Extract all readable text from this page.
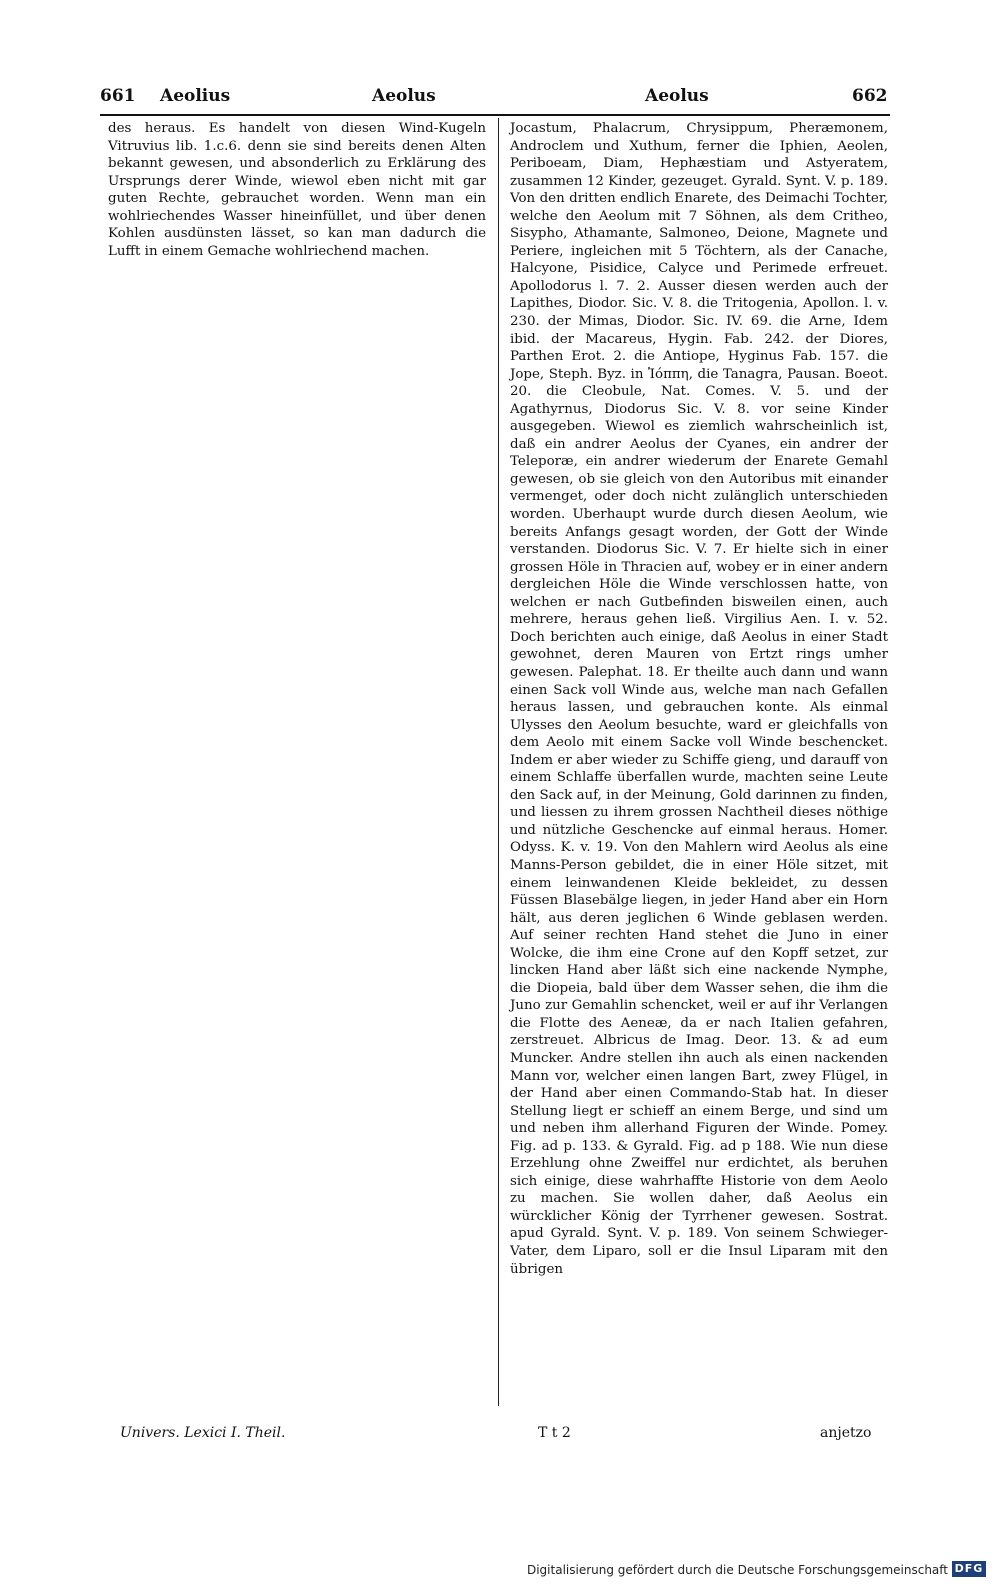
661 Aeolius	Aeolus	Aeolus	662

des heraus. Es handelt von diesen Wind-Kugeln Vitruvius lib. 1.c.6. denn sie sind bereits denen Alten bekannt gewesen, und absonderlich zu Erklärung des Ursprungs derer Winde, wiewol eben nicht mit gar guten Rechte, gebrauchet worden. Wenn man ein wohlriechendes Wasser hineinfüllet, und über denen Kohlen ausdünsten lässet, so kan man dadurch die Lufft in einem Gemache wohlriechend machen.

Jocastum, Phalacrum, Chrysippum, Pheræmonem, Androclem und Xuthum, ferner die Iphien, Aeolen, Periboeam, Diam, Hephæstiam und Astyeratem, zusammen 12 Kinder, gezeuget. Gyrald. Synt. V. p. 189. Von den dritten endlich Enarete, des Deimachi Tochter, welche den Aeolum mit 7 Söhnen, als dem Critheo, Sisypho, Athamante, Salmoneo, Deione, Magnete und Periere, ingleichen mit 5 Töchtern, als der Canache, Halcyone, Pisidice, Calyce und Perimede erfreuet. Apollodorus l. 7. 2. Ausser diesen werden auch der Lapithes, Diodor. Sic. V. 8. die Tritogenia, Apollon. l. v. 230. der Mimas, Diodor. Sic. IV. 69. die Arne, Idem ibid. der Macareus, Hygin. Fab. 242. der Diores, Parthen Erot. 2. die Antiope, Hyginus Fab. 157. die Jope, Steph. Byz. in Ἰόππη, die Tanagra, Pausan. Boeot. 20. die Cleobule, Nat. Comes. V. 5. und der Agathyrnus, Diodorus Sic. V. 8. vor seine Kinder ausgegeben. Wiewol es ziemlich wahrscheinlich ist, daß ein andrer Aeolus der Cyanes, ein andrer der Teleporæ, ein andrer wiederum der Enarete Gemahl gewesen, ob sie gleich von den Autoribus mit einander vermenget, oder doch nicht zulänglich unterschieden worden. Uberhaupt wurde durch diesen Aeolum, wie bereits Anfangs gesagt worden, der Gott der Winde verstanden. Diodorus Sic. V. 7. Er hielte sich in einer grossen Höle in Thracien auf, wobey er in einer andern dergleichen Höle die Winde verschlossen hatte, von welchen er nach Gutbefinden bisweilen einen, auch mehrere, heraus gehen ließ. Virgilius Aen. I. v. 52. Doch berichten auch einige, daß Aeolus in einer Stadt gewohnet, deren Mauren von Ertzt rings umher gewesen. Palephat. 18. Er theilte auch dann und wann einen Sack voll Winde aus, welche man nach Gefallen heraus lassen, und gebrauchen konte. Als einmal Ulysses den Aeolum besuchte, ward er gleichfalls von dem Aeolo mit einem Sacke voll Winde beschencket. Indem er aber wieder zu Schiffe gieng, und darauff von einem Schlaffe überfallen wurde, machten seine Leute den Sack auf, in der Meinung, Gold darinnen zu finden, und liessen zu ihrem grossen Nachtheil dieses nöthige und nützliche Geschencke auf einmal heraus. Homer. Odyss. K. v. 19. Von den Mahlern wird Aeolus als eine Manns-Person gebildet, die in einer Höle sitzet, mit einem leinwandenen Kleide bekleidet, zu dessen Füssen Blasebälge liegen, in jeder Hand aber ein Horn hält, aus deren jeglichen 6 Winde geblasen werden. Auf seiner rechten Hand stehet die Juno in einer Wolcke, die ihm eine Crone auf den Kopff setzet, zur lincken Hand aber läßt sich eine nackende Nymphe, die Diopeia, bald über dem Wasser sehen, die ihm die Juno zur Gemahlin schencket, weil er auf ihr Verlangen die Flotte des Aeneæ, da er nach Italien gefahren, zerstreuet. Albricus de Imag. Deor. 13. & ad eum Muncker. Andre stellen ihn auch als einen nackenden Mann vor, welcher einen langen Bart, zwey Flügel, in der Hand aber einen Commando-Stab hat. In dieser Stellung liegt er schieff an einem Berge, und sind um und neben ihm allerhand Figuren der Winde. Pomey. Fig. ad p. 133. & Gyrald. Fig. ad p 188. Wie nun diese Erzehlung ohne Zweiffel nur erdichtet, als beruhen sich einige, diese wahrhaffte Historie von dem Aeolo zu machen. Sie wollen daher, daß Aeolus ein würcklicher König der Tyrrhener gewesen. Sostrat. apud Gyrald. Synt. V. p. 189. Von seinem Schwieger-Vater, dem Liparo, soll er die Insul Liparam mit den übrigen

Univers. Lexici I. Theil.	T t 2	anjetzo
Digitalisierung gefördert durch die Deutsche Forschungsgemeinschaft DFG
